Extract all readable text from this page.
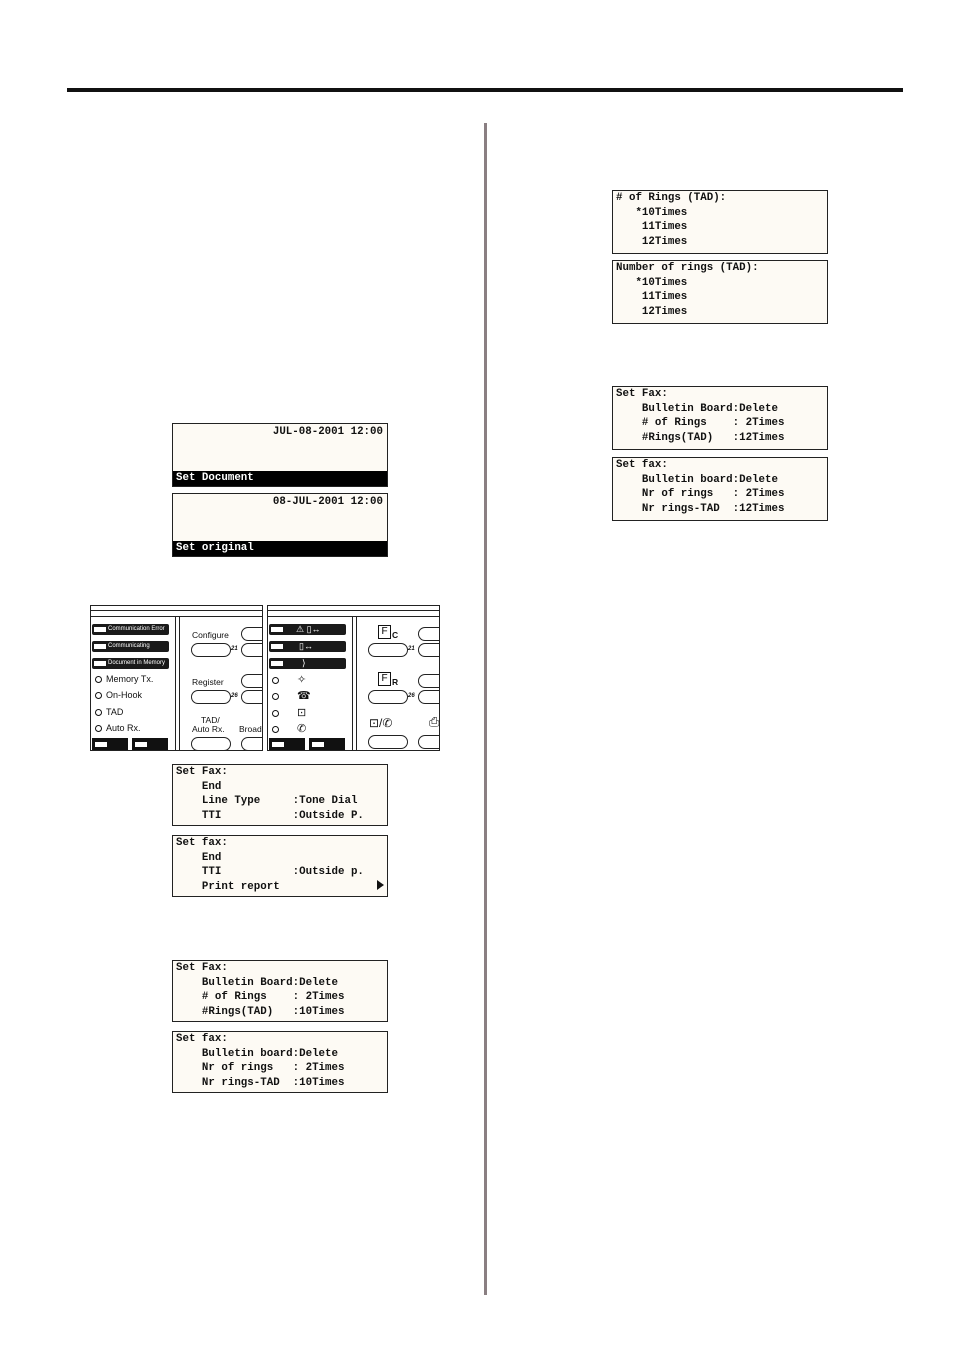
JUL-08-2001 12:00
Set Document
08-JUL-2001 12:00
Set original
Communication Error
Communicating
Document in Memory
Memory Tx.
On-Hook
TAD
Auto Rx.
Configure
21
Register
26
TAD/
Auto Rx. Broad
⚠ ▯↔
▯↔
⟩
✧
☎
⊡
✆
F C
21
F R
26
⊡/✆	⎙
Set Fax:
End
Line Type     :Tone Dial
TTI           :Outside P.
Set fax:
End
TTI           :Outside p.
Print report
Set Fax:
Bulletin Board:Delete
# of Rings    : 2Times
#Rings(TAD)   :10Times
Set fax:
Bulletin board:Delete
Nr of rings   : 2Times
Nr rings-TAD  :10Times
# of Rings (TAD):
*10Times
11Times
12Times
Number of rings (TAD):
*10Times
11Times
12Times
Set Fax:
Bulletin Board:Delete
# of Rings    : 2Times
#Rings(TAD)   :12Times
Set fax:
Bulletin board:Delete
Nr of rings   : 2Times
Nr rings-TAD  :12Times
